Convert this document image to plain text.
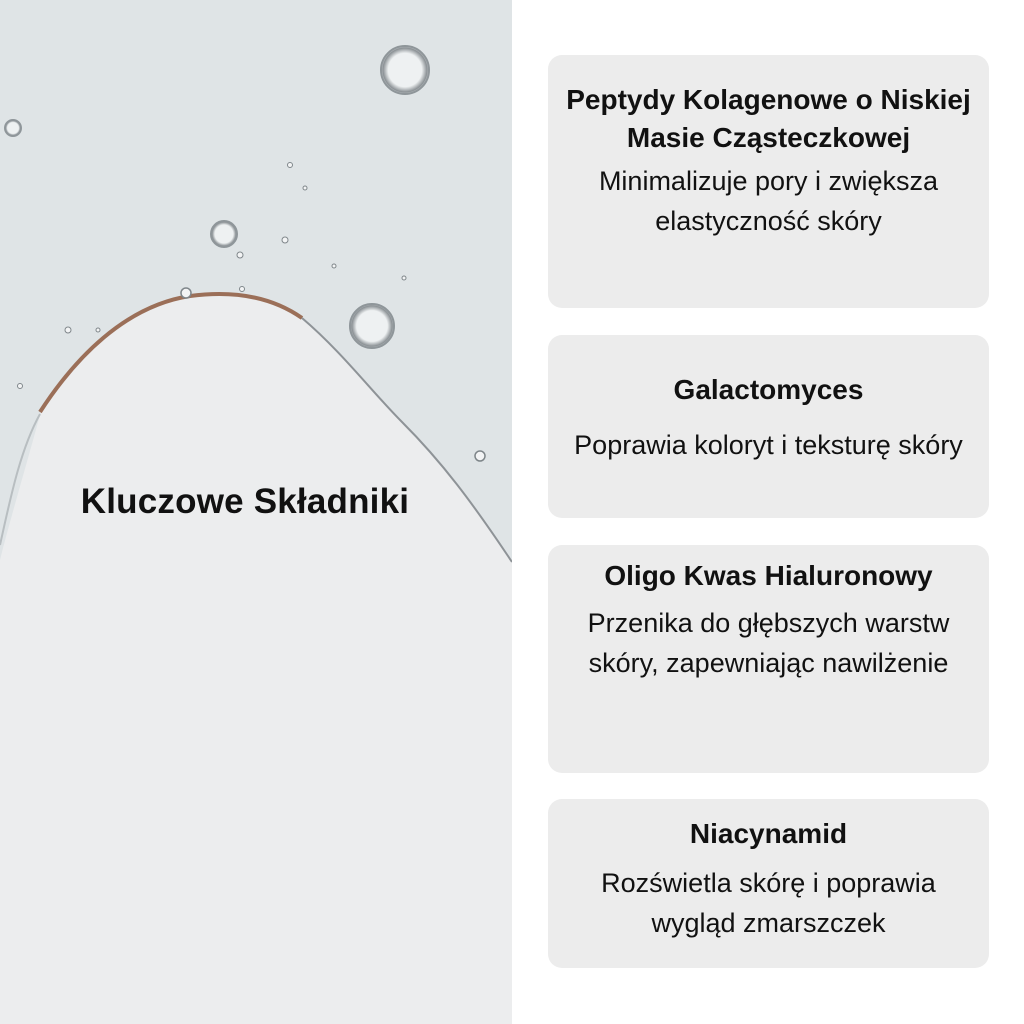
Kluczowe Składniki
Peptydy Kolagenowe o Niskiej Masie Cząsteczkowej
Minimalizuje pory i zwiększa elastyczność skóry
Galactomyces
Poprawia koloryt i teksturę skóry
Oligo Kwas Hialuronowy
Przenika do głębszych warstw skóry, zapewniając nawilżenie
Niacynamid
Rozświetla skórę i poprawia wygląd zmarszczek
